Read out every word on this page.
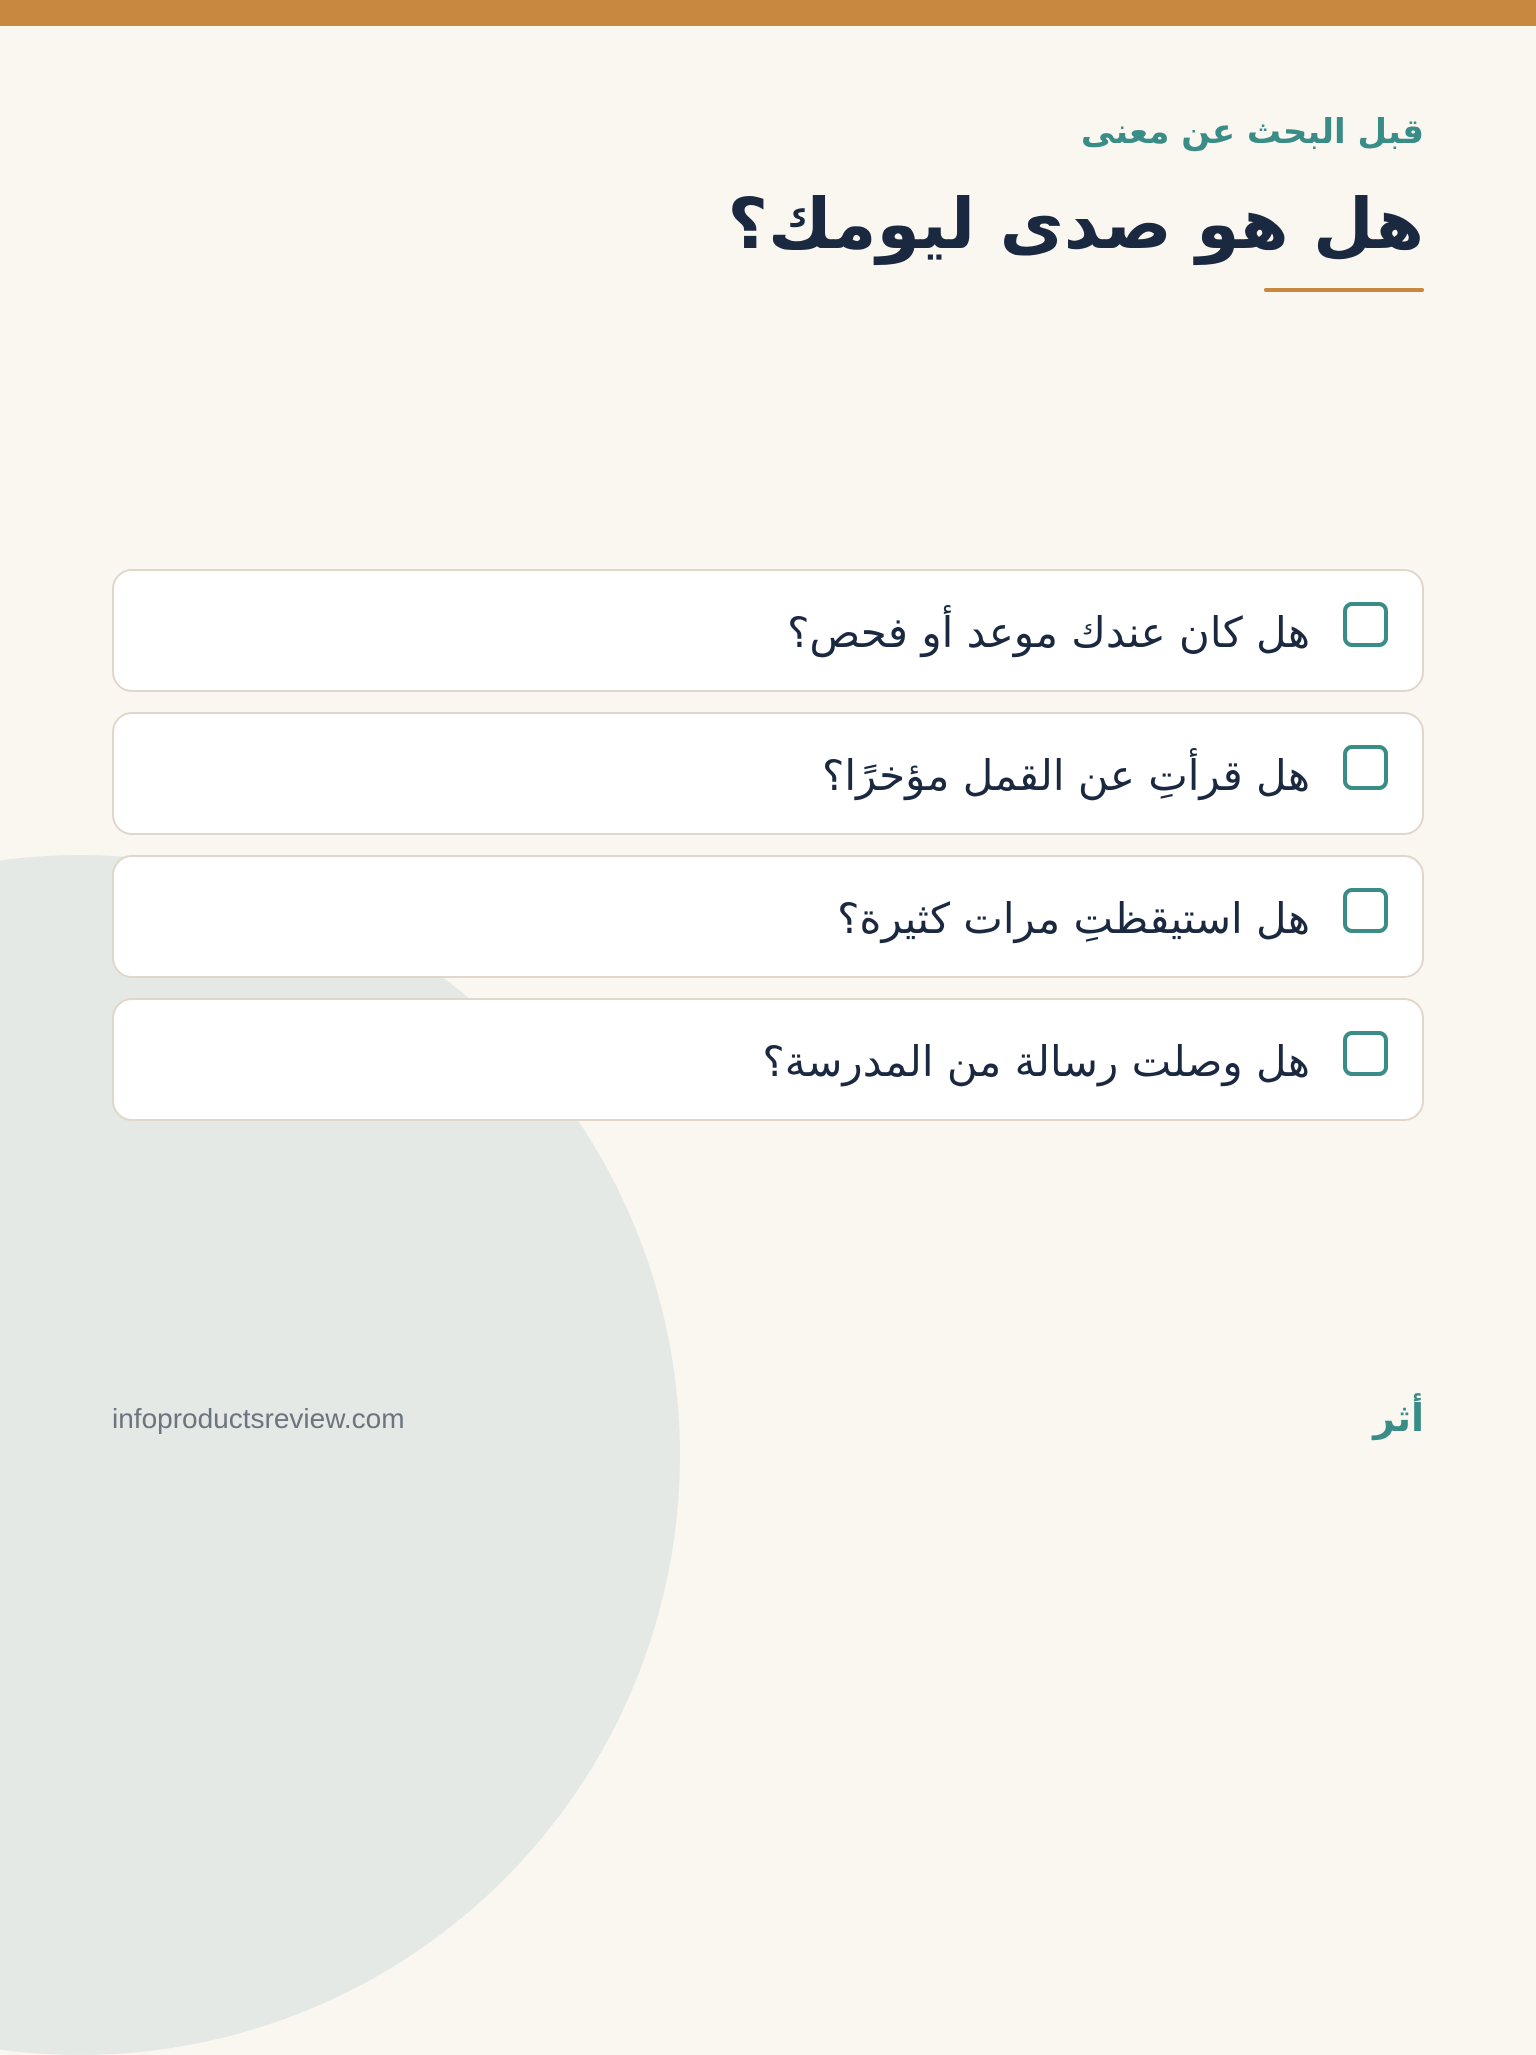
قبل البحث عن معنى
هل هو صدى ليومك؟
هل كان عندك موعد أو فحص؟
هل قرأتِ عن القمل مؤخرًا؟
هل استيقظتِ مرات كثيرة؟
هل وصلت رسالة من المدرسة؟
infoproductsreview.com	أثر
